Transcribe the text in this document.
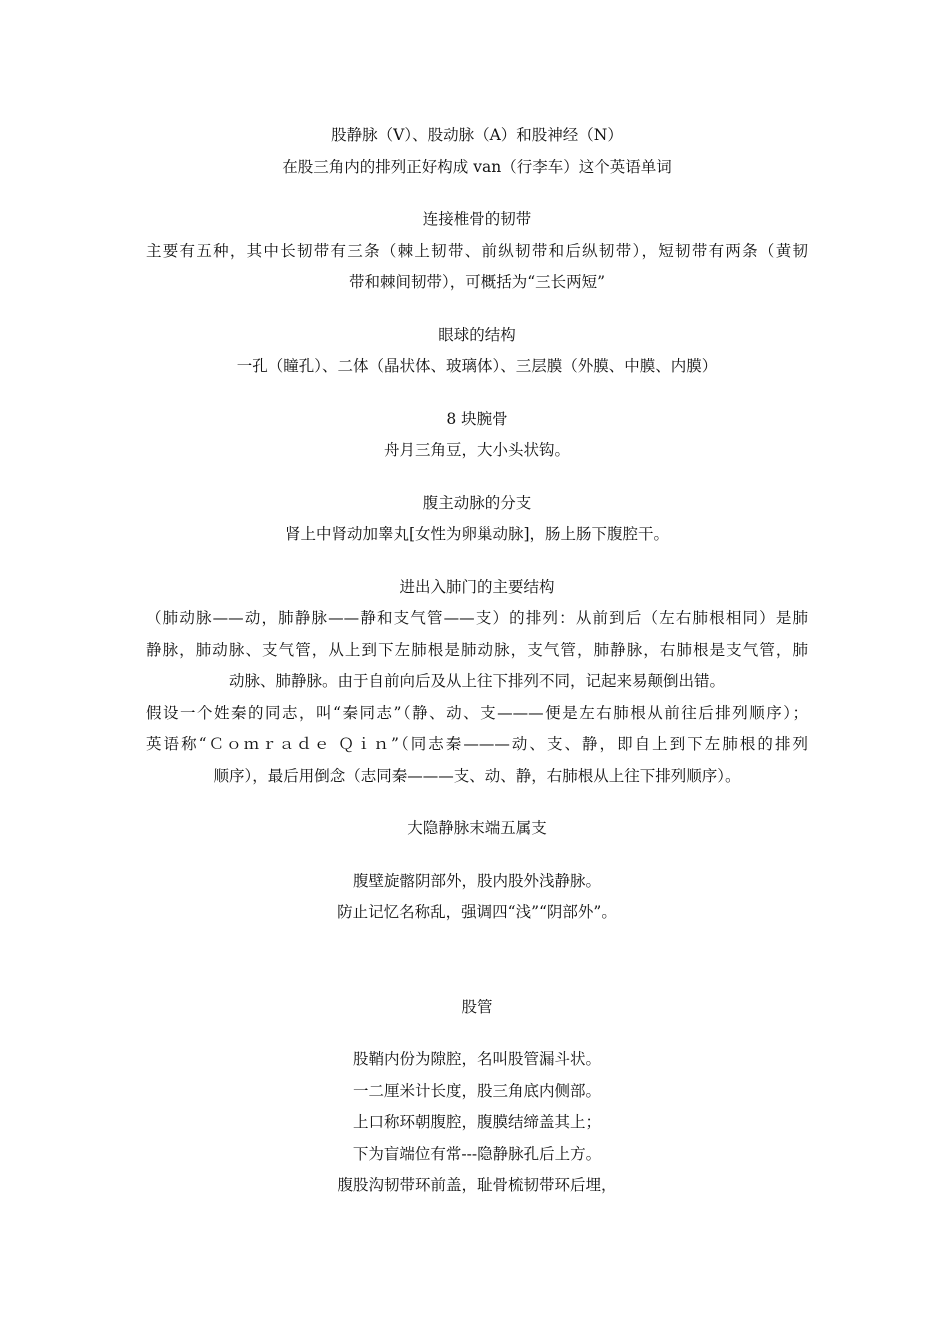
股静脉（V）、股动脉（A）和股神经（N）
在股三角内的排列正好构成 van（行李车）这个英语单词
连接椎骨的韧带
主要有五种，其中长韧带有三条（棘上韧带、前纵韧带和后纵韧带），短韧带有两条（黄韧
带和棘间韧带），可概括为“三长两短”
眼球的结构
一孔（瞳孔）、二体（晶状体、玻璃体）、三层膜（外膜、中膜、内膜）
8 块腕骨
舟月三角豆，大小头状钩。
腹主动脉的分支
肾上中肾动加睾丸[女性为卵巢动脉]，肠上肠下腹腔干。
进出入肺门的主要结构
（肺动脉——动，肺静脉——静和支气管——支）的排列：从前到后（左右肺根相同）是肺
静脉，肺动脉、支气管，从上到下左肺根是肺动脉，支气管，肺静脉，右肺根是支气管，肺
动脉、肺静脉。由于自前向后及从上往下排列不同，记起来易颠倒出错。
假设一个姓秦的同志，叫“秦同志”（静、动、支———便是左右肺根从前往后排列顺序）；
英语称“Ｃｏｍｒａｄｅ Ｑｉｎ”（同志秦———动、支、静，即自上到下左肺根的排列
顺序），最后用倒念（志同秦———支、动、静，右肺根从上往下排列顺序）。
大隐静脉末端五属支
腹壁旋髂阴部外，股内股外浅静脉。
防止记忆名称乱，强调四“浅”“阴部外”。
股管
股鞘内份为隙腔，名叫股管漏斗状。
一二厘米计长度，股三角底内侧部。
上口称环朝腹腔，腹膜结缔盖其上；
下为盲端位有常---隐静脉孔后上方。
腹股沟韧带环前盖，耻骨梳韧带环后埋，
